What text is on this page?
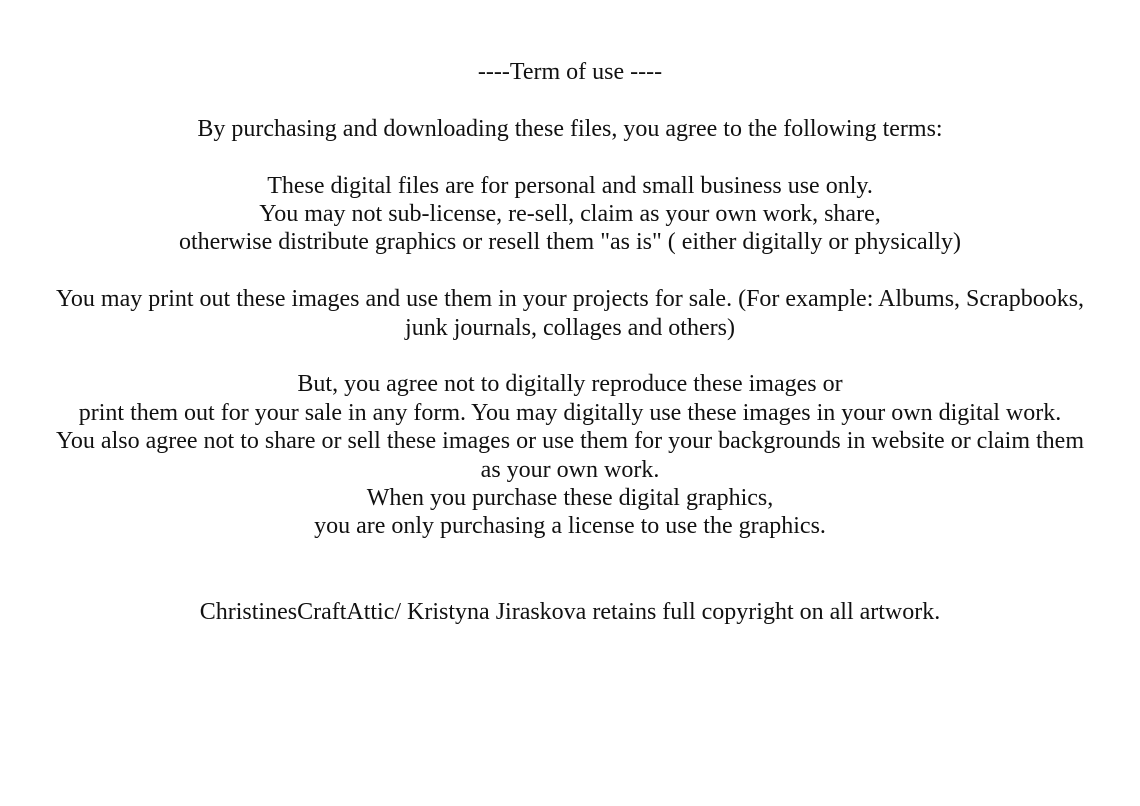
----Term of use ----
By purchasing and downloading these files, you agree to the following terms:
These digital files are for personal and small business use only.
You may not sub-license, re-sell, claim as your own work, share,
otherwise distribute graphics or resell them "as is" ( either digitally or physically)
You may print out these images and use them in your projects for sale. (For example: Albums, Scrapbooks,
junk journals, collages and others)
But, you agree not to digitally reproduce these images or
print them out for your sale in any form. You may digitally use these images in your own digital work.
You also agree not to share or sell these images or use them for your backgrounds in website or claim them
as your own work.
When you purchase these digital graphics,
you are only purchasing a license to use the graphics.
ChristinesCraftAttic/ Kristyna Jiraskova retains full copyright on all artwork.
